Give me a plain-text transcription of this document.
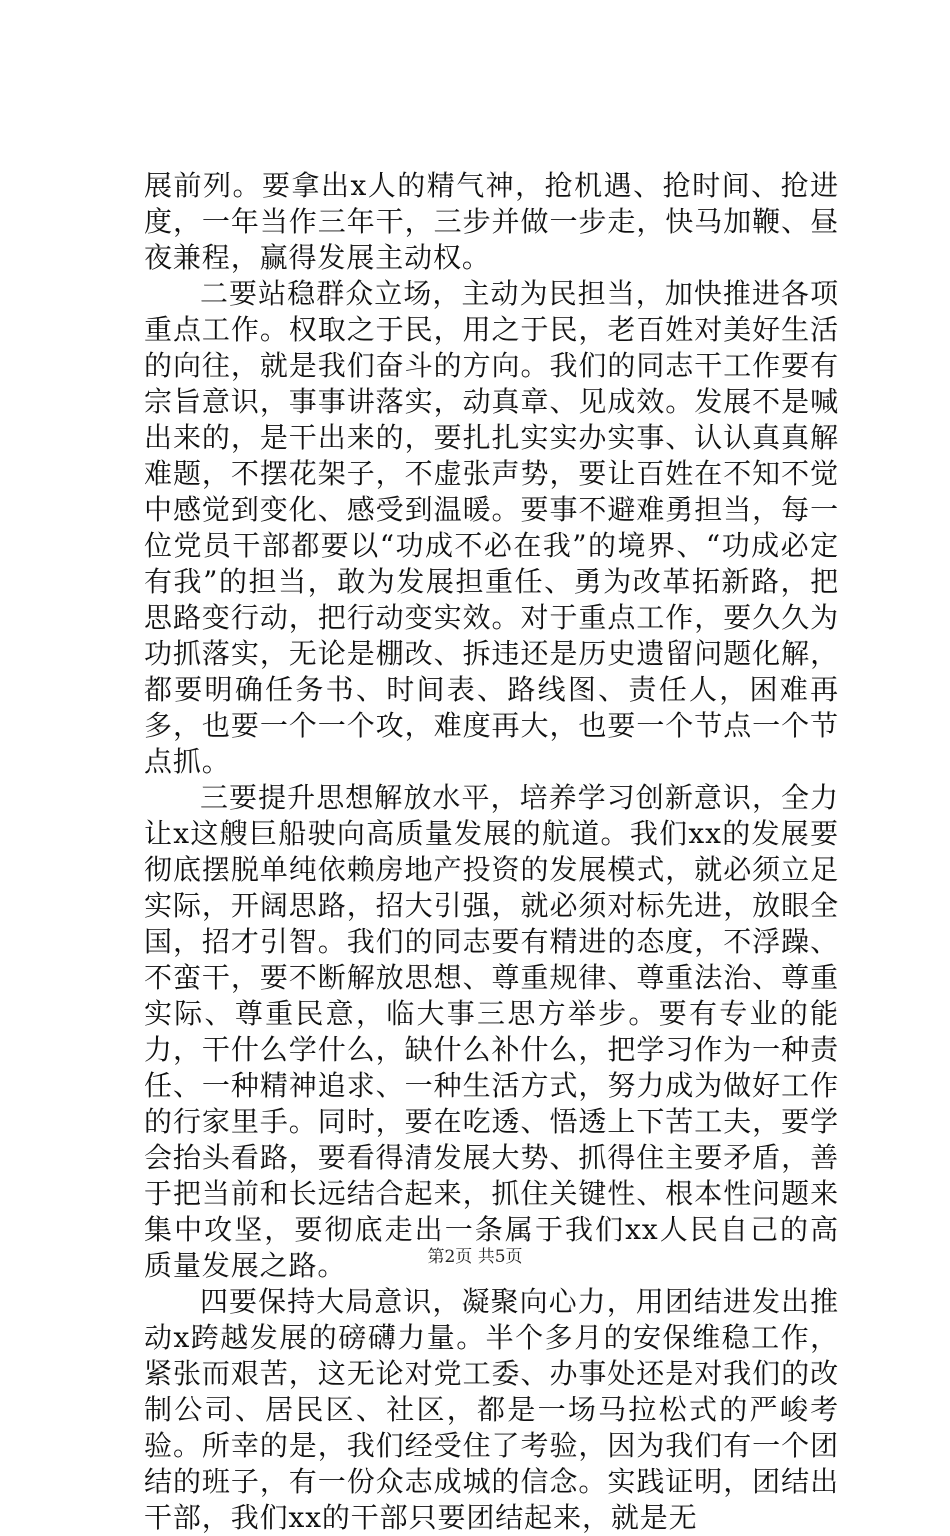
展前列。要拿出x人的精气神，抢机遇、抢时间、抢进度，一年当作三年干，三步并做一步走，快马加鞭、昼夜兼程，赢得发展主动权。

二要站稳群众立场，主动为民担当，加快推进各项重点工作。权取之于民，用之于民，老百姓对美好生活的向往，就是我们奋斗的方向。我们的同志干工作要有宗旨意识，事事讲落实，动真章、见成效。发展不是喊出来的，是干出来的，要扎扎实实办实事、认认真真解难题，不摆花架子，不虚张声势，要让百姓在不知不觉中感觉到变化、感受到温暖。要事不避难勇担当，每一位党员干部都要以“功成不必在我”的境界、“功成必定有我”的担当，敢为发展担重任、勇为改革拓新路，把思路变行动，把行动变实效。对于重点工作，要久久为功抓落实，无论是棚改、拆违还是历史遗留问题化解，都要明确任务书、时间表、路线图、责任人，困难再多，也要一个一个攻，难度再大，也要一个节点一个节点抓。

三要提升思想解放水平，培养学习创新意识，全力让x这艘巨船驶向高质量发展的航道。我们xx的发展要彻底摆脱单纯依赖房地产投资的发展模式，就必须立足实际，开阔思路，招大引强，就必须对标先进，放眼全国，招才引智。我们的同志要有精进的态度，不浮躁、不蛮干，要不断解放思想、尊重规律、尊重法治、尊重实际、尊重民意，临大事三思方举步。要有专业的能力，干什么学什么，缺什么补什么，把学习作为一种责任、一种精神追求、一种生活方式，努力成为做好工作的行家里手。同时，要在吃透、悟透上下苦工夫，要学会抬头看路，要看得清发展大势、抓得住主要矛盾，善于把当前和长远结合起来，抓住关键性、根本性问题来集中攻坚，要彻底走出一条属于我们xx人民自己的高质量发展之路。

四要保持大局意识，凝聚向心力，用团结进发出推动x跨越发展的磅礴力量。半个多月的安保维稳工作，紧张而艰苦，这无论对党工委、办事处还是对我们的改制公司、居民区、社区，都是一场马拉松式的严峻考验。所幸的是，我们经受住了考验，因为我们有一个团结的班子，有一份众志成城的信念。实践证明，团结出干部，我们xx的干部只要团结起来，就是无

第2页 共5页
